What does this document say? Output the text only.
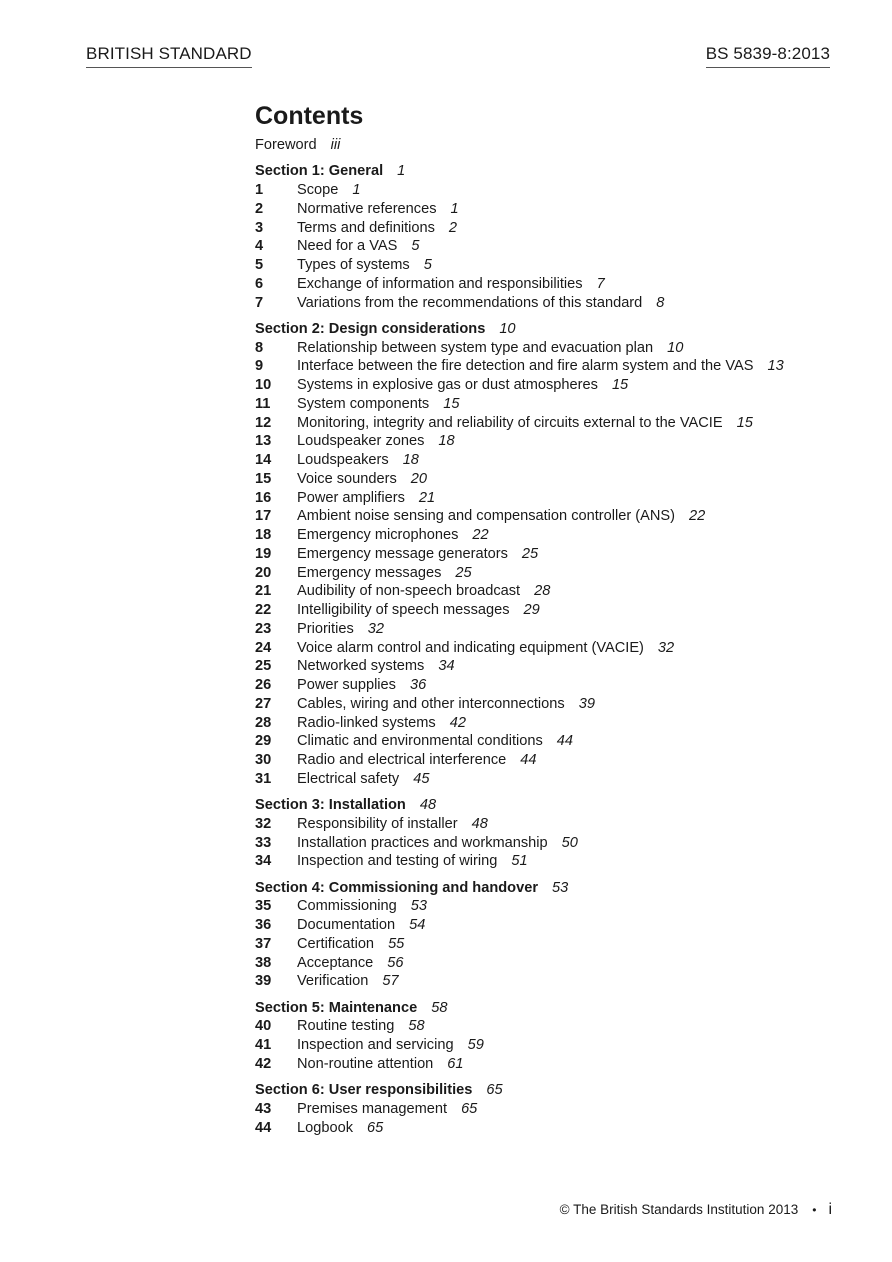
BRITISH STANDARD	BS 5839-8:2013
Contents
Foreword iii
Section 1: General 1
1 Scope 1
2 Normative references 1
3 Terms and definitions 2
4 Need for a VAS 5
5 Types of systems 5
6 Exchange of information and responsibilities 7
7 Variations from the recommendations of this standard 8
Section 2: Design considerations 10
8 Relationship between system type and evacuation plan 10
9 Interface between the fire detection and fire alarm system and the VAS 13
10 Systems in explosive gas or dust atmospheres 15
11 System components 15
12 Monitoring, integrity and reliability of circuits external to the VACIE 15
13 Loudspeaker zones 18
14 Loudspeakers 18
15 Voice sounders 20
16 Power amplifiers 21
17 Ambient noise sensing and compensation controller (ANS) 22
18 Emergency microphones 22
19 Emergency message generators 25
20 Emergency messages 25
21 Audibility of non-speech broadcast 28
22 Intelligibility of speech messages 29
23 Priorities 32
24 Voice alarm control and indicating equipment (VACIE) 32
25 Networked systems 34
26 Power supplies 36
27 Cables, wiring and other interconnections 39
28 Radio-linked systems 42
29 Climatic and environmental conditions 44
30 Radio and electrical interference 44
31 Electrical safety 45
Section 3: Installation 48
32 Responsibility of installer 48
33 Installation practices and workmanship 50
34 Inspection and testing of wiring 51
Section 4: Commissioning and handover 53
35 Commissioning 53
36 Documentation 54
37 Certification 55
38 Acceptance 56
39 Verification 57
Section 5: Maintenance 58
40 Routine testing 58
41 Inspection and servicing 59
42 Non-routine attention 61
Section 6: User responsibilities 65
43 Premises management 65
44 Logbook 65
© The British Standards Institution 2013 • i
